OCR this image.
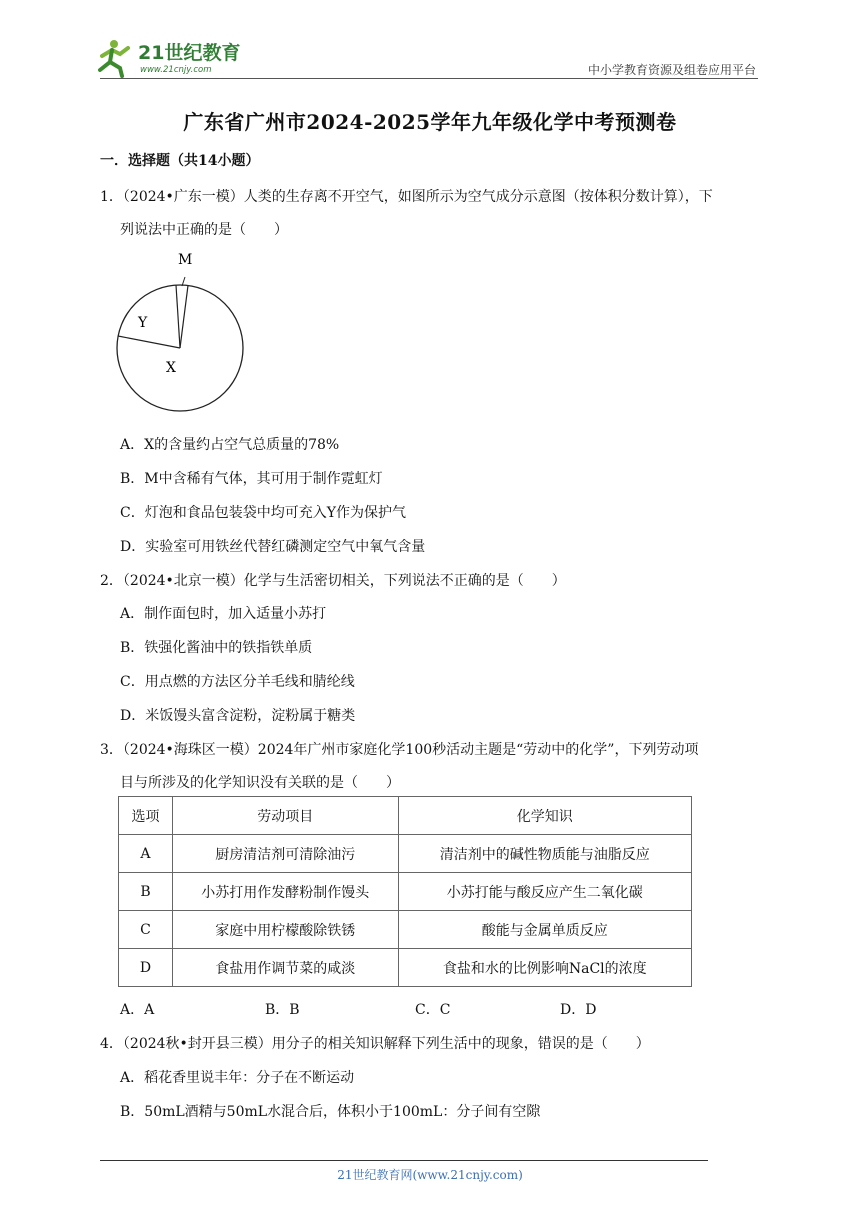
21世纪教育
www.21cnjy.com	中小学教育资源及组卷应用平台
广东省广州市2024-2025学年九年级化学中考预测卷
一．选择题（共14小题）
1．（2024•广东一模）人类的生存离不开空气，如图所示为空气成分示意图（按体积分数计算），下
列说法中正确的是（　　）
M
Y
X
A．X的含量约占空气总质量的78%
B．M中含稀有气体，其可用于制作霓虹灯
C．灯泡和食品包装袋中均可充入Y作为保护气
D．实验室可用铁丝代替红磷测定空气中氧气含量
2．（2024•北京一模）化学与生活密切相关，下列说法不正确的是（　　）
A．制作面包时，加入适量小苏打
B．铁强化酱油中的铁指铁单质
C．用点燃的方法区分羊毛线和腈纶线
D．米饭馒头富含淀粉，淀粉属于糖类
3．（2024•海珠区一模）2024年广州市家庭化学100秒活动主题是“劳动中的化学”，下列劳动项
目与所涉及的化学知识没有关联的是（　　）
选项	劳动项目	化学知识
A	厨房清洁剂可清除油污	清洁剂中的碱性物质能与油脂反应
B	小苏打用作发酵粉制作馒头	小苏打能与酸反应产生二氧化碳
C	家庭中用柠檬酸除铁锈	酸能与金属单质反应
D	食盐用作调节菜的咸淡	食盐和水的比例影响NaCl的浓度
A．A	B．B	C．C	D．D
4．（2024秋•封开县三模）用分子的相关知识解释下列生活中的现象，错误的是（　　）
A．稻花香里说丰年：分子在不断运动
B．50mL酒精与50mL水混合后，体积小于100mL：分子间有空隙
21世纪教育网(www.21cnjy.com)
